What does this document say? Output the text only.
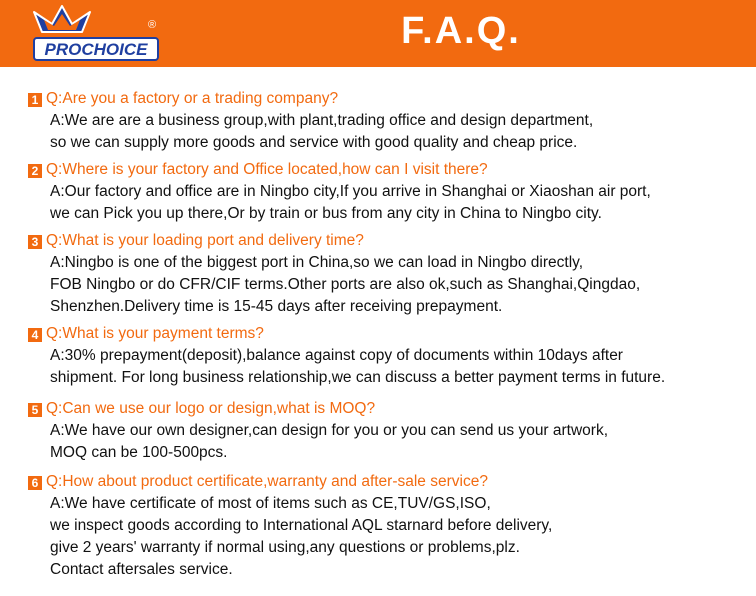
PROCHOICE
®	F.A.Q.
1 Q:Are you a factory or a trading company?
A:We are are a business group,with plant,trading office and design department,
so we can supply more goods and service with good quality and cheap price.
2 Q:Where is your factory and Office located,how can I visit there?
A:Our factory and office are in Ningbo city,If you arrive in Shanghai or Xiaoshan air port,
we can Pick you up there,Or by train or bus from any city in China to Ningbo city.
3 Q:What is your loading port and delivery time?
A:Ningbo is one of the biggest port in China,so we can load in Ningbo directly,
FOB Ningbo or do CFR/CIF terms.Other ports are also ok,such as Shanghai,Qingdao,
Shenzhen.Delivery time is 15-45 days after receiving prepayment.
4 Q:What is your payment terms?
A:30% prepayment(deposit),balance against copy of documents within 10days after
shipment. For long business relationship,we can discuss a better payment terms in future.
5 Q:Can we use our logo or design,what is MOQ?
A:We have our own designer,can design for you or you can send us your artwork,
MOQ can be 100-500pcs.
6 Q:How about product certificate,warranty and after-sale service?
A:We have certificate of most of items such as CE,TUV/GS,ISO,
we inspect goods according to International AQL starnard before delivery,
give 2 years' warranty if normal using,any questions or problems,plz.
Contact aftersales service.
